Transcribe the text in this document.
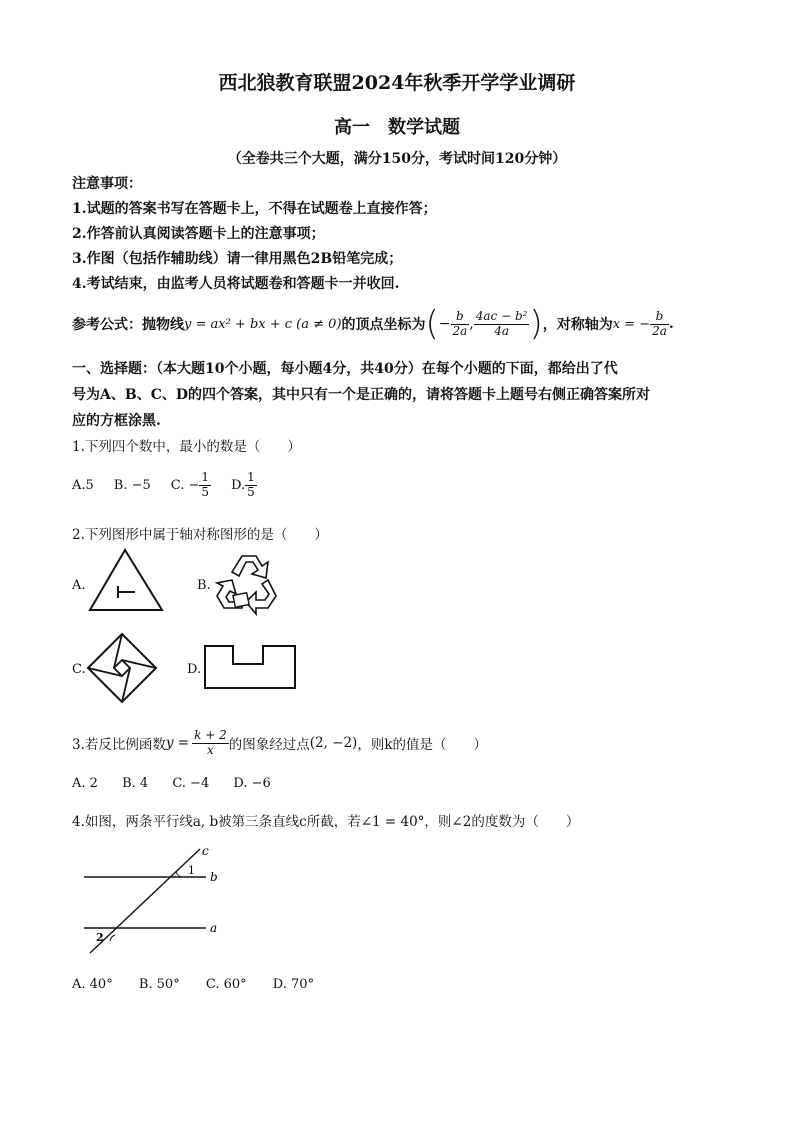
西北狼教育联盟2024年秋季开学学业调研
高一　数学试题
（全卷共三个大题，满分150分，考试时间120分钟）
注意事项：
1.试题的答案书写在答题卡上，不得在试题卷上直接作答；
2.作答前认真阅读答题卡上的注意事项；
3.作图（包括作辅助线）请一律用黑色2B铅笔完成；
4.考试结束，由监考人员将试题卷和答题卡一并收回.
参考公式：抛物线 y = ax² + bx + c (a ≠ 0) 的顶点坐标为 ( − $\frac{b}{2a}$ , $\frac{\text{4ac − b²}}{4a}$ ) ，对称轴为 x = − $\frac{b}{2a}$ .
一、选择题：（本大题10个小题，每小题4分，共40分）在每个小题的下面，都给出了代
号为A、B、C、D的四个答案，其中只有一个是正确的，请将答题卡上题号右侧正确答案所对
应的方框涂黑.
1.下列四个数中，最小的数是（　　）
A.5 B. −5 C. − $\frac{1}{5} D$. $\frac{1}{5}$
2.下列图形中属于轴对称图形的是（　　）
A.	B.
C.	D.
3.若反比例函数 $y = \frac{k + 2}{x}$ 的图象经过点 (2, −2) ，则k的值是（　　）
A. 2 B. 4 C. −4 D. −6
4.如图，两条平行线a, b被第三条直线c所截，若∠1 = 40°，则∠2的度数为（　　）
c
b
a
1
2
A. 40° B. 50° C. 60° D. 70°
